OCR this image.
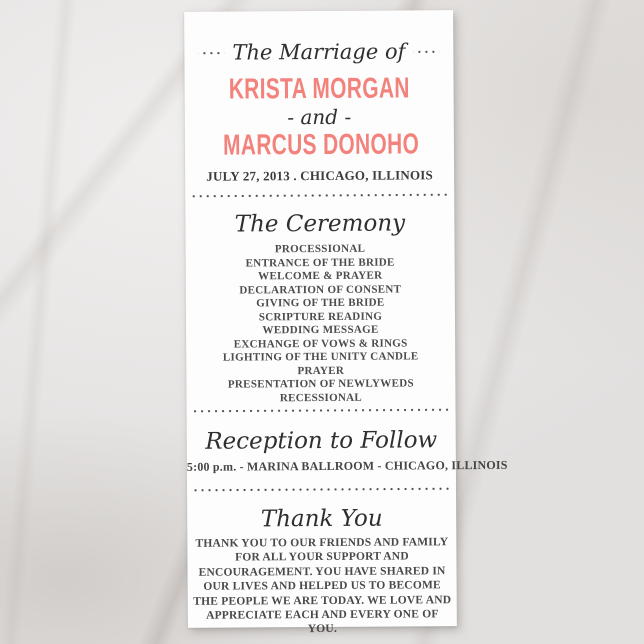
The Marriage of
KRISTA MORGAN
- and -
MARCUS DONOHO
JULY 27, 2013 . CHICAGO, ILLINOIS
The Ceremony
PROCESSIONAL
ENTRANCE OF THE BRIDE
WELCOME & PRAYER
DECLARATION OF CONSENT
GIVING OF THE BRIDE
SCRIPTURE READING
WEDDING MESSAGE
EXCHANGE OF VOWS & RINGS
LIGHTING OF THE UNITY CANDLE
PRAYER
PRESENTATION OF NEWLYWEDS
RECESSIONAL
Reception to Follow
5:00 p.m. - MARINA BALLROOM - CHICAGO, ILLINOIS
Thank You
THANK YOU TO OUR FRIENDS AND FAMILY FOR ALL YOUR SUPPORT AND ENCOURAGEMENT. YOU HAVE SHARED IN OUR LIVES AND HELPED US TO BECOME THE PEOPLE WE ARE TODAY. WE LOVE AND APPRECIATE EACH AND EVERY ONE OF YOU.
